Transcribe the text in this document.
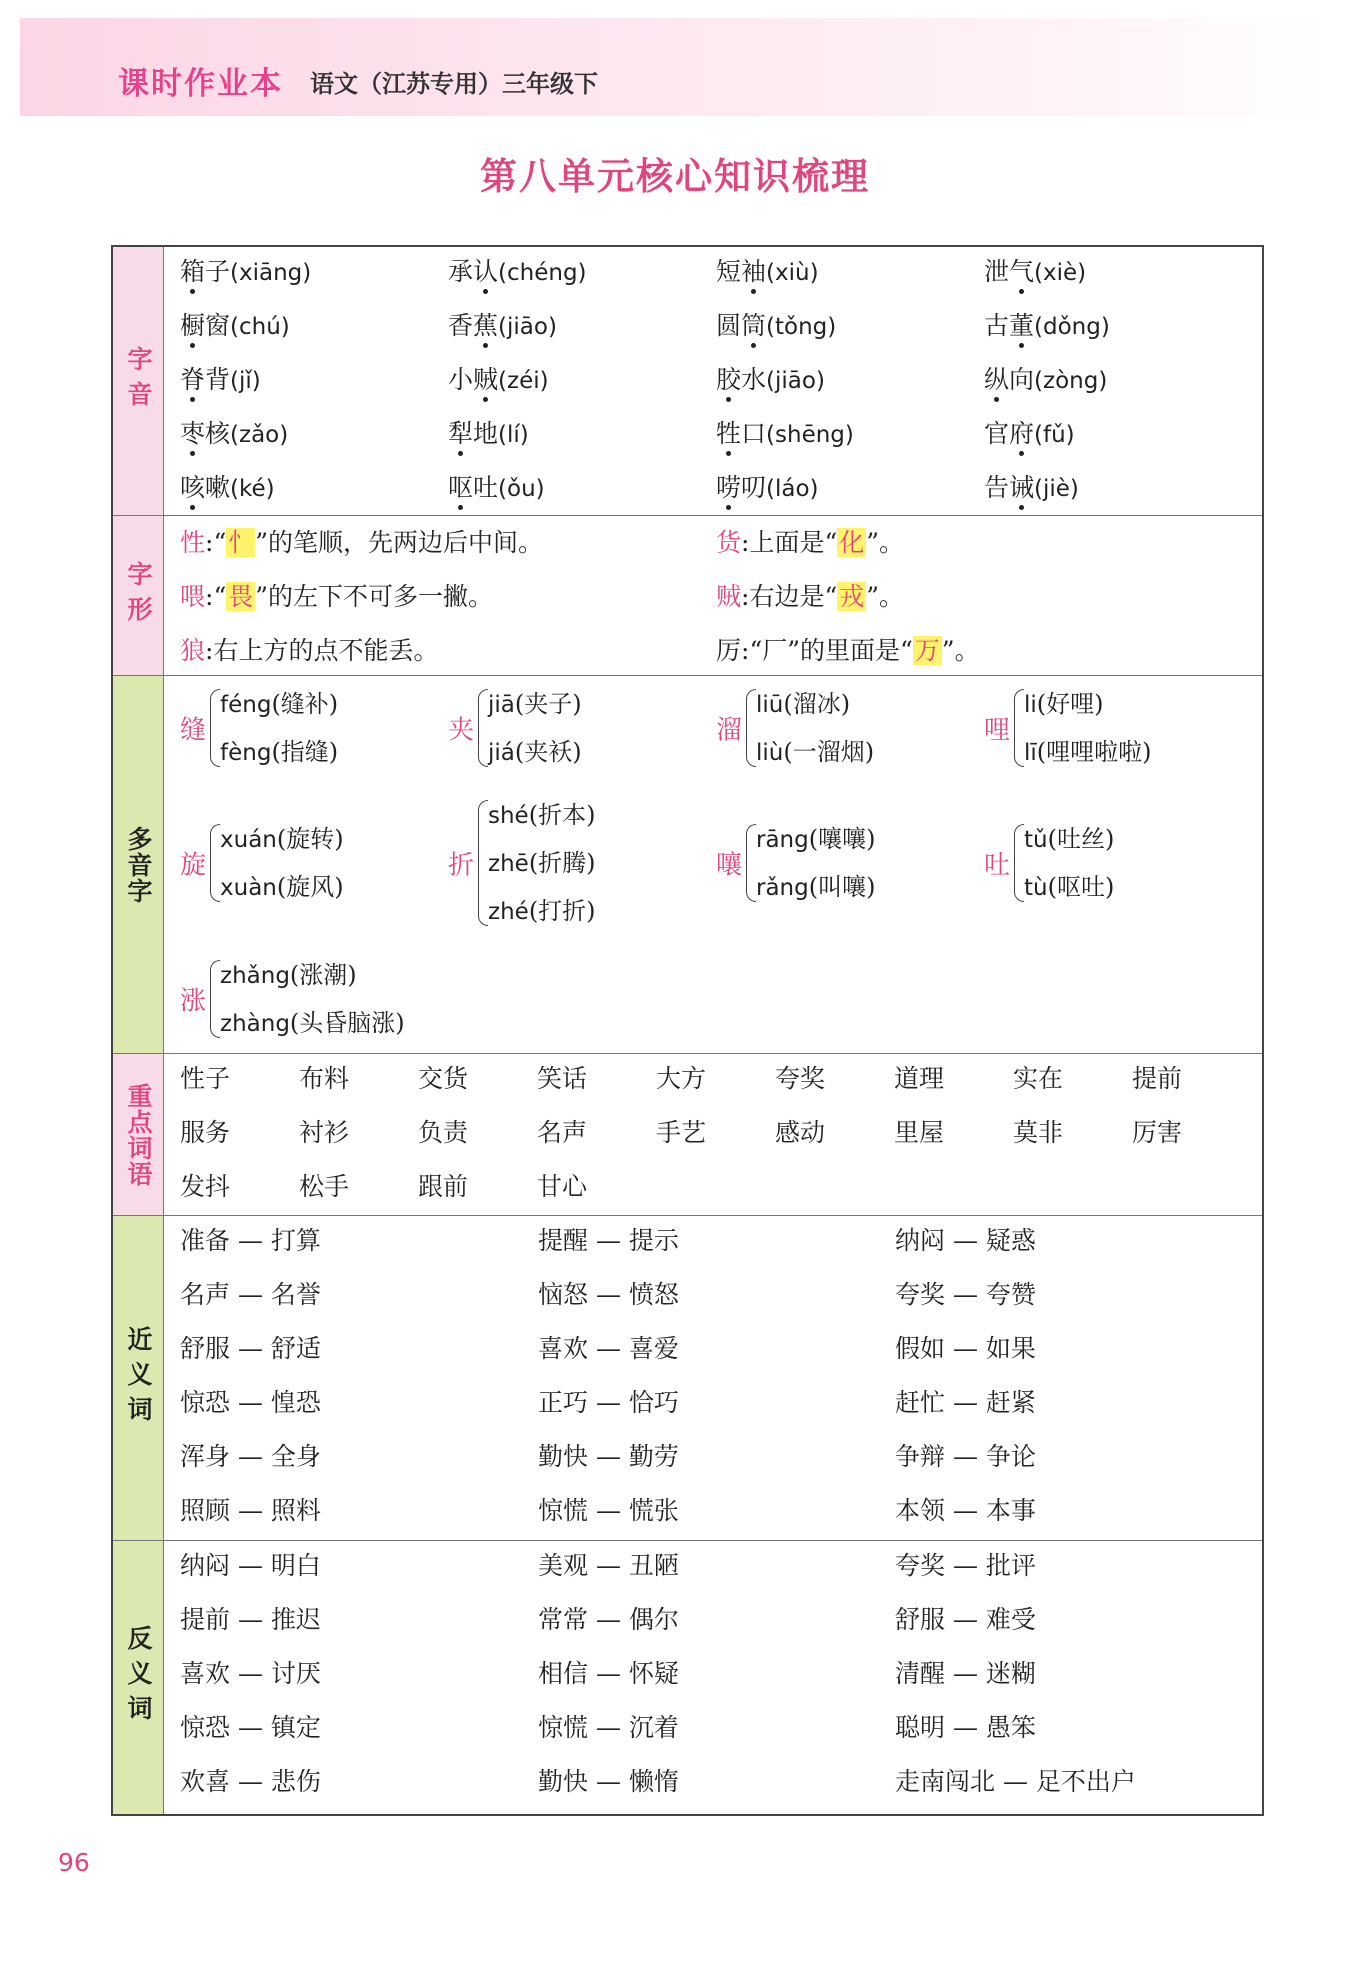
课时作业本 语文（江苏专用）三年级下
第八单元核心知识梳理
字音
箱子(xiāng)	承认(chéng)	短袖(xiù)	泄气(xiè)
橱窗(chú)	香蕉(jiāo)	圆筒(tǒng)	古董(dǒng)
脊背(jǐ)	小贼(zéi)	胶水(jiāo)	纵向(zòng)
枣核(zǎo)	犁地(lí)	牲口(shēng)	官府(fǔ)
咳嗽(ké)	呕吐(ǒu)	唠叨(láo)	告诫(jiè)
字形
性:“忄”的笔顺，先两边后中间。	货:上面是“化”。
喂:“畏”的左下不可多一撇。	贼:右边是“戎”。
狼:右上方的点不能丢。	厉:“厂”的里面是“万”。
多音字
缝
féng(缝补)
fèng(指缝)
夹
jiā(夹子)
jiá(夹袄)
溜
liū(溜冰)
liù(一溜烟)
哩
li(好哩)
lī(哩哩啦啦)
旋
xuán(旋转)
xuàn(旋风)
折
shé(折本)
zhē(折腾)
zhé(打折)
嚷
rāng(嚷嚷)
rǎng(叫嚷)
吐
tǔ(吐丝)
tù(呕吐)
涨
zhǎng(涨潮)
zhàng(头昏脑涨)
重点词语
性子	布料	交货	笑话	大方	夸奖	道理	实在	提前
服务	衬衫	负责	名声	手艺	感动	里屋	莫非	厉害
发抖	松手	跟前	甘心
近义词
准备 — 打算	提醒 — 提示	纳闷 — 疑惑
名声 — 名誉	恼怒 — 愤怒	夸奖 — 夸赞
舒服 — 舒适	喜欢 — 喜爱	假如 — 如果
惊恐 — 惶恐	正巧 — 恰巧	赶忙 — 赶紧
浑身 — 全身	勤快 — 勤劳	争辩 — 争论
照顾 — 照料	惊慌 — 慌张	本领 — 本事
反义词
纳闷 — 明白	美观 — 丑陋	夸奖 — 批评
提前 — 推迟	常常 — 偶尔	舒服 — 难受
喜欢 — 讨厌	相信 — 怀疑	清醒 — 迷糊
惊恐 — 镇定	惊慌 — 沉着	聪明 — 愚笨
欢喜 — 悲伤	勤快 — 懒惰	走南闯北 — 足不出户
96
